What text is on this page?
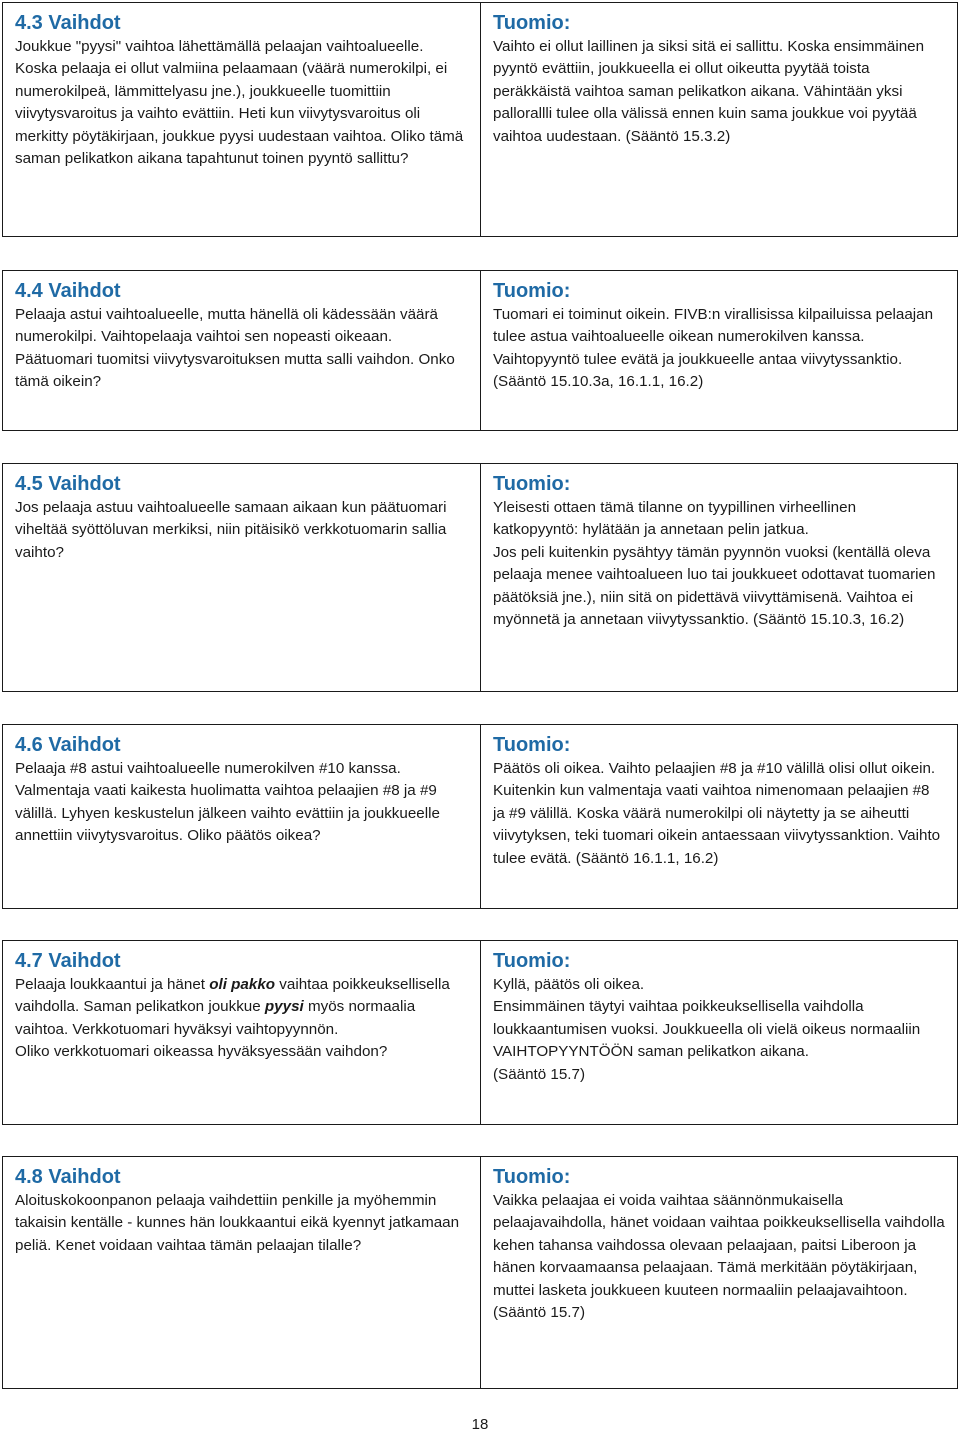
4.3 Vaihdot
Joukkue "pyysi" vaihtoa lähettämällä pelaajan vaihtoalueelle. Koska pelaaja ei ollut valmiina pelaamaan (väärä numerokilpi, ei numerokilpeä, lämmittelyasu jne.), joukkueelle tuomittiin viivytysvaroitus ja vaihto evättiin. Heti kun viivytysvaroitus oli merkitty pöytäkirjaan, joukkue pyysi uudestaan vaihtoa. Oliko tämä saman pelikatkon aikana tapahtunut toinen pyyntö sallittu?
Tuomio:
Vaihto ei ollut laillinen ja siksi sitä ei sallittu. Koska ensimmäinen pyyntö evättiin, joukkueella ei ollut oikeutta pyytää toista peräkkäistä vaihtoa saman pelikatkon aikana. Vähintään yksi pallorallli tulee olla välissä ennen kuin sama joukkue voi pyytää vaihtoa uudestaan. (Sääntö 15.3.2)
4.4 Vaihdot
Pelaaja astui vaihtoalueelle, mutta hänellä oli kädessään väärä numerokilpi. Vaihtopelaaja vaihtoi sen nopeasti oikeaan. Päätuomari tuomitsi viivytysvaroituksen mutta salli vaihdon. Onko tämä oikein?
Tuomio:
Tuomari ei toiminut oikein. FIVB:n virallisissa kilpailuissa pelaajan tulee astua vaihtoalueelle oikean numerokilven kanssa. Vaihtopyyntö tulee evätä ja joukkueelle antaa viivytyssanktio. (Sääntö 15.10.3a, 16.1.1, 16.2)
4.5 Vaihdot
Jos pelaaja astuu vaihtoalueelle samaan aikaan kun päätuomari viheltää syöttöluvan merkiksi, niin pitäisikö verkkotuomarin sallia vaihto?
Tuomio:
Yleisesti ottaen tämä tilanne on tyypillinen virheellinen katkopyyntö: hylätään ja annetaan pelin jatkua.
Jos peli kuitenkin pysähtyy tämän pyynnön vuoksi (kentällä oleva pelaaja menee vaihtoalueen luo tai joukkueet odottavat tuomarien päätöksiä jne.), niin sitä on pidettävä viivyttämisenä. Vaihtoa ei myönnetä ja annetaan viivytyssanktio. (Sääntö 15.10.3, 16.2)
4.6 Vaihdot
Pelaaja #8 astui vaihtoalueelle numerokilven #10 kanssa. Valmentaja vaati kaikesta huolimatta vaihtoa pelaajien #8 ja #9 välillä. Lyhyen keskustelun jälkeen vaihto evättiin ja joukkueelle annettiin viivytysvaroitus. Oliko päätös oikea?
Tuomio:
Päätös oli oikea. Vaihto pelaajien #8 ja #10 välillä olisi ollut oikein. Kuitenkin kun valmentaja vaati vaihtoa nimenomaan pelaajien #8 ja #9 välillä. Koska väärä numerokilpi oli näytetty ja se aiheutti viivytyksen, teki tuomari oikein antaessaan viivytyssanktion. Vaihto tulee evätä. (Sääntö 16.1.1, 16.2)
4.7 Vaihdot
Pelaaja loukkaantui ja hänet oli pakko vaihtaa poikkeuksellisella vaihdolla. Saman pelikatkon joukkue pyysi myös normaalia vaihtoa. Verkkotuomari hyväksyi vaihtopyynnön.
Oliko verkkotuomari oikeassa hyväksyessään vaihdon?
Tuomio:
Kyllä, päätös oli oikea.
Ensimmäinen täytyi vaihtaa poikkeuksellisella vaihdolla loukkaantumisen vuoksi. Joukkueella oli vielä oikeus normaaliin VAIHTOPYYNTÖÖN saman pelikatkon aikana.
(Sääntö 15.7)
4.8 Vaihdot
Aloituskokoonpanon pelaaja vaihdettiin penkille ja myöhemmin takaisin kentälle - kunnes hän loukkaantui eikä kyennyt jatkamaan peliä. Kenet voidaan vaihtaa tämän pelaajan tilalle?
Tuomio:
Vaikka pelaajaa ei voida vaihtaa säännönmukaisella pelaajavaihdolla, hänet voidaan vaihtaa poikkeuksellisella vaihdolla kehen tahansa vaihdossa olevaan pelaajaan, paitsi Liberoon ja hänen korvaamaansa pelaajaan. Tämä merkitään pöytäkirjaan, muttei lasketa joukkueen kuuteen normaaliin pelaajavaihtoon.
(Sääntö 15.7)
18
